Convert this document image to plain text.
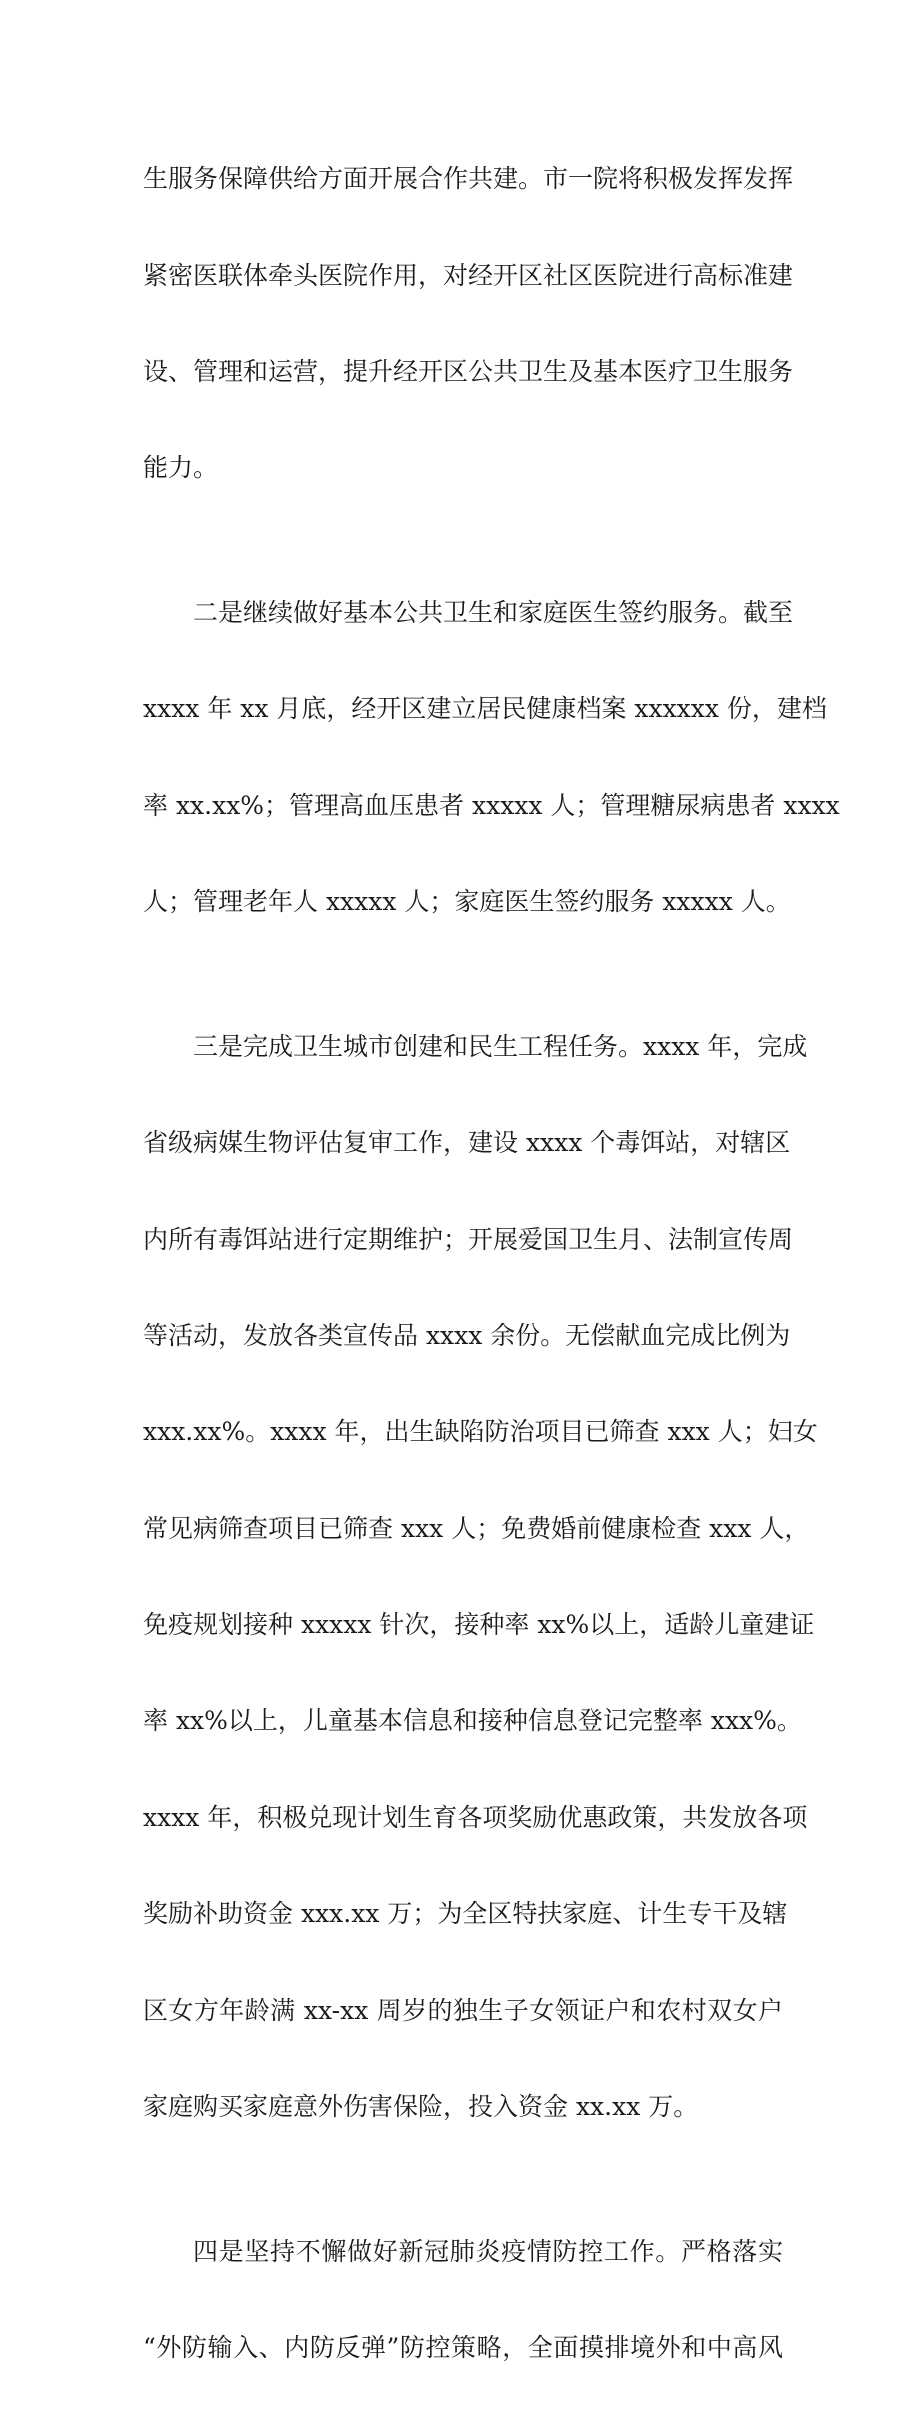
生服务保障供给方面开展合作共建。市一院将积极发挥发挥

紧密医联体牵头医院作用，对经开区社区医院进行高标准建

设、管理和运营，提升经开区公共卫生及基本医疗卫生服务

能力。

二是继续做好基本公共卫生和家庭医生签约服务。截至

xxxx 年 xx 月底，经开区建立居民健康档案 xxxxxx 份，建档

率 xx.xx%；管理高血压患者 xxxxx 人；管理糖尿病患者 xxxx

人；管理老年人 xxxxx 人；家庭医生签约服务 xxxxx 人。

三是完成卫生城市创建和民生工程任务。xxxx 年，完成

省级病媒生物评估复审工作，建设 xxxx 个毒饵站，对辖区

内所有毒饵站进行定期维护；开展爱国卫生月、法制宣传周

等活动，发放各类宣传品 xxxx 余份。无偿献血完成比例为

xxx.xx%。xxxx 年，出生缺陷防治项目已筛查 xxx 人；妇女

常见病筛查项目已筛查 xxx 人；免费婚前健康检查 xxx 人，

免疫规划接种 xxxxx 针次，接种率 xx%以上，适龄儿童建证

率 xx%以上，儿童基本信息和接种信息登记完整率 xxx%。

xxxx 年，积极兑现计划生育各项奖励优惠政策，共发放各项

奖励补助资金 xxx.xx 万；为全区特扶家庭、计生专干及辖

区女方年龄满 xx-xx 周岁的独生子女领证户和农村双女户

家庭购买家庭意外伤害保险，投入资金 xx.xx 万。

四是坚持不懈做好新冠肺炎疫情防控工作。严格落实

“外防输入、内防反弹”防控策略，全面摸排境外和中高风
